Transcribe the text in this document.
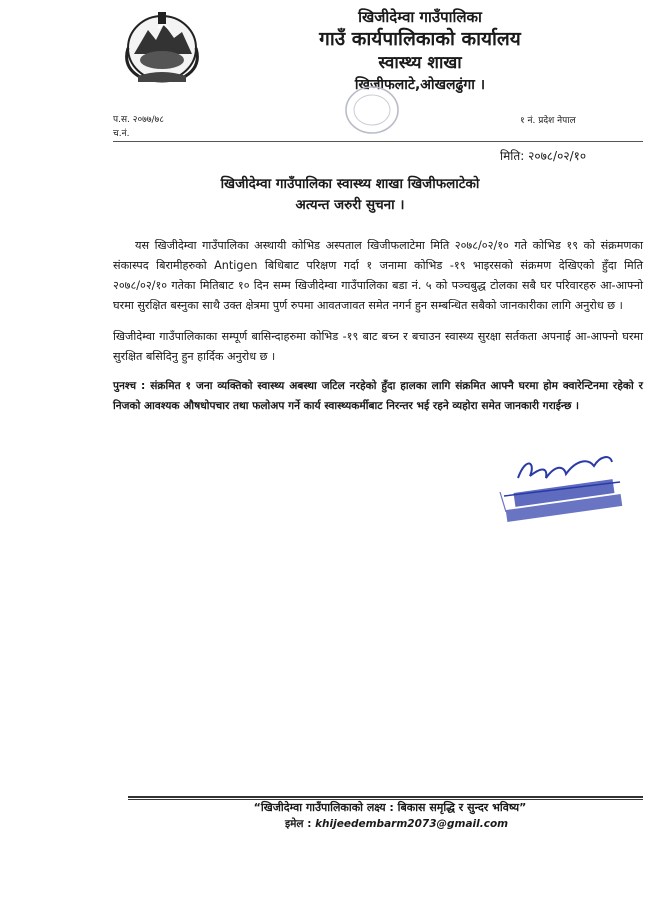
खिजीदेम्वा गाउँपालिका
गाउँ कार्यपालिकाको कार्यालय
स्वास्थ्य शाखा
खिजीफलाटे,ओखलढुंगा ।
प.स. २०७७/७८
च.नं.
१ नं. प्रदेश नेपाल
मिति: २०७८/०२/१०
खिजीदेम्वा गाउँपालिका स्वास्थ्य शाखा खिजीफलाटेको
अत्यन्त जरुरी सुचना ।

यस खिजीदेम्वा गाउँपालिका अस्थायी कोभिड अस्पताल खिजीफलाटेमा मिति २०७८/०२/१० गते कोभिड १९ को संक्रमणका संकास्पद बिरामीहरुको Antigen बिधिबाट परिक्षण गर्दा १ जनामा कोभिड -१९ भाइरसको संक्रमण देखिएको हुँदा मिति २०७८/०२/१० गतेका मितिबाट १० दिन सम्म खिजीदेम्वा गाउँपालिका बडा नं. ५ को पञ्चबुद्ध टोलका सबै घर परिवारहरु आ-आफ्नो घरमा सुरक्षित बस्नुका साथै उक्त क्षेत्रमा पुर्ण रुपमा आवतजावत समेत नगर्न हुन सम्बन्धित सबैको जानकारीका लागि अनुरोध छ ।

खिजीदेम्वा गाउँपालिकाका सम्पूर्ण बासिन्दाहरुमा कोभिड -१९ बाट बच्न र बचाउन स्वास्थ्य सुरक्षा सर्तकता अपनाई आ-आफ्नो घरमा सुरक्षित बसिदिनु हुन हार्दिक अनुरोध छ ।

पुनश्च : संक्रमित १ जना व्यक्तिको स्वास्थ्य अबस्था जटिल नरहेको हुँदा हालका लागि संक्रमित आफ्नै घरमा होम क्वारेन्टिनमा रहेको र निजको आवश्यक औषधोपचार तथा फलोअप गर्ने कार्य स्वास्थ्यकर्मीबाट निरन्तर भई रहने व्यहोरा समेत जानकारी गराईन्छ ।

“खिजीदेम्वा गाउँपालिकाको लक्ष्य : बिकास समृद्धि र सुन्दर भविष्य”
इमेल : khijeedembarm2073@gmail.com
